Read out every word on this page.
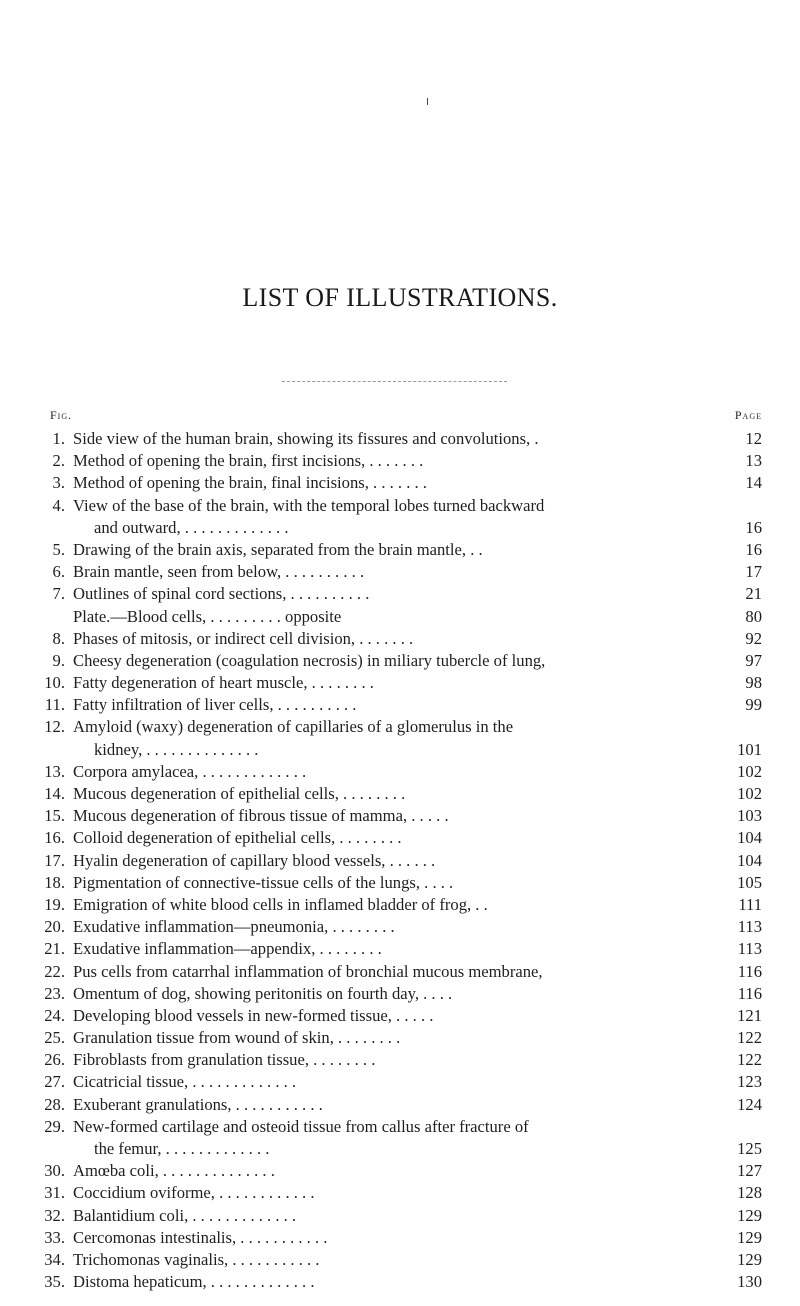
LIST OF ILLUSTRATIONS.
Fig.	Page
1. Side view of the human brain, showing its fissures and convolutions, .	12
2. Method of opening the brain, first incisions, . . . . . . .	13
3. Method of opening the brain, final incisions, . . . . . . .	14
4. View of the base of the brain, with the temporal lobes turned backward
and outward, . . . . . . . . . . . . .	16
5. Drawing of the brain axis, separated from the brain mantle, . .	16
6. Brain mantle, seen from below, . . . . . . . . . .	17
7. Outlines of spinal cord sections, . . . . . . . . . .	21
Plate.—Blood cells, . . . . . . . . . opposite	80
8. Phases of mitosis, or indirect cell division, . . . . . . .	92
9. Cheesy degeneration (coagulation necrosis) in miliary tubercle of lung,	97
10. Fatty degeneration of heart muscle, . . . . . . . .	98
11. Fatty infiltration of liver cells, . . . . . . . . . .	99
12. Amyloid (waxy) degeneration of capillaries of a glomerulus in the
kidney, . . . . . . . . . . . . . .	101
13. Corpora amylacea, . . . . . . . . . . . . .	102
14. Mucous degeneration of epithelial cells, . . . . . . . .	102
15. Mucous degeneration of fibrous tissue of mamma, . . . . .	103
16. Colloid degeneration of epithelial cells, . . . . . . . .	104
17. Hyalin degeneration of capillary blood vessels, . . . . . .	104
18. Pigmentation of connective-tissue cells of the lungs, . . . .	105
19. Emigration of white blood cells in inflamed bladder of frog, . .	111
20. Exudative inflammation—pneumonia, . . . . . . . .	113
21. Exudative inflammation—appendix, . . . . . . . .	113
22. Pus cells from catarrhal inflammation of bronchial mucous membrane,	116
23. Omentum of dog, showing peritonitis on fourth day, . . . .	116
24. Developing blood vessels in new-formed tissue, . . . . .	121
25. Granulation tissue from wound of skin, . . . . . . . .	122
26. Fibroblasts from granulation tissue, . . . . . . . .	122
27. Cicatricial tissue, . . . . . . . . . . . . .	123
28. Exuberant granulations, . . . . . . . . . . .	124
29. New-formed cartilage and osteoid tissue from callus after fracture of
the femur, . . . . . . . . . . . . .	125
30. Amœba coli, . . . . . . . . . . . . . .	127
31. Coccidium oviforme, . . . . . . . . . . . .	128
32. Balantidium coli, . . . . . . . . . . . . .	129
33. Cercomonas intestinalis, . . . . . . . . . . .	129
34. Trichomonas vaginalis, . . . . . . . . . . .	129
35. Distoma hepaticum, . . . . . . . . . . . . .	130
